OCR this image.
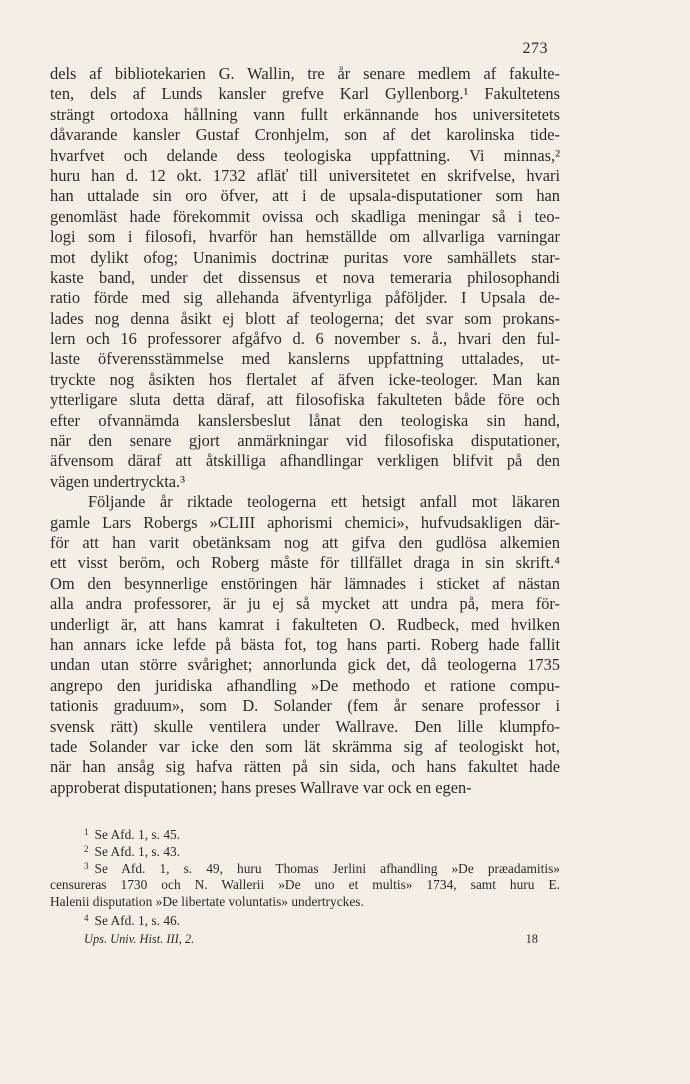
273
dels af bibliotekarien G. Wallin, tre år senare medlem af fakulte-
ten, dels af Lunds kansler grefve Karl Gyllenborg.¹ Fakultetens
strängt ortodoxa hållning vann fullt erkännande hos universitetets
dåvarande kansler Gustaf Cronhjelm, son af det karolinska tide-
hvarfvet och delande dess teologiska uppfattning. Vi minnas,²
huru han d. 12 okt. 1732 afläť till universitetet en skrifvelse, hvari
han uttalade sin oro öfver, att i de upsala-disputationer som han
genomläst hade förekommit ovissa och skadliga meningar så i teo-
logi som i filosofi, hvarför han hemställde om allvarliga varningar
mot dylikt ofog; Unanimis doctrinæ puritas vore samhällets star-
kaste band, under det dissensus et nova temeraria philosophandi
ratio förde med sig allehanda äfventyrliga påföljder. I Upsala de-
lades nog denna åsikt ej blott af teologerna; det svar som prokans-
lern och 16 professorer afgåfvo d. 6 november s. å., hvari den ful-
laste öfverensstämmelse med kanslerns uppfattning uttalades, ut-
tryckte nog åsikten hos flertalet af äfven icke-teologer. Man kan
ytterligare sluta detta däraf, att filosofiska fakulteten både före och
efter ofvannämda kanslersbeslut lånat den teologiska sin hand,
när den senare gjort anmärkningar vid filosofiska disputationer,
äfvensom däraf att åtskilliga afhandlingar verkligen blifvit på den
vägen undertryckta.³
Följande år riktade teologerna ett hetsigt anfall mot läkaren
gamle Lars Robergs »CLIII aphorismi chemici», hufvudsakligen där-
för att han varit obetänksam nog att gifva den gudlösa alkemien
ett visst beröm, och Roberg måste för tillfället draga in sin skrift.⁴
Om den besynnerlige enstöringen här lämnades i sticket af nästan
alla andra professorer, är ju ej så mycket att undra på, mera för-
underligt är, att hans kamrat i fakulteten O. Rudbeck, med hvilken
han annars icke lefde på bästa fot, tog hans parti. Roberg hade fallit
undan utan större svårighet; annorlunda gick det, då teologerna 1735
angrepo den juridiska afhandling »De methodo et ratione compu-
tationis graduum», som D. Solander (fem år senare professor i
svensk rätt) skulle ventilera under Wallrave. Den lille klumpfo-
tade Solander var icke den som lät skrämma sig af teologiskt hot,
när han ansåg sig hafva rätten på sin sida, och hans fakultet hade
approberat disputationen; hans preses Wallrave var ock en egen-
$^1$ Se Afd. 1, s. 45.
$^2$ Se Afd. 1, s. 43.
$^3$ Se Afd. 1, s. 49, huru Thomas Jerlini afhandling »De præadamitis»
censureras 1730 och N. Wallerii »De uno et multis» 1734, samt huru E.
Halenii disputation »De libertate voluntatis» undertryckes.
$^4$ Se Afd. 1, s. 46.
Ups. Univ. Hist. III, 2.	18
